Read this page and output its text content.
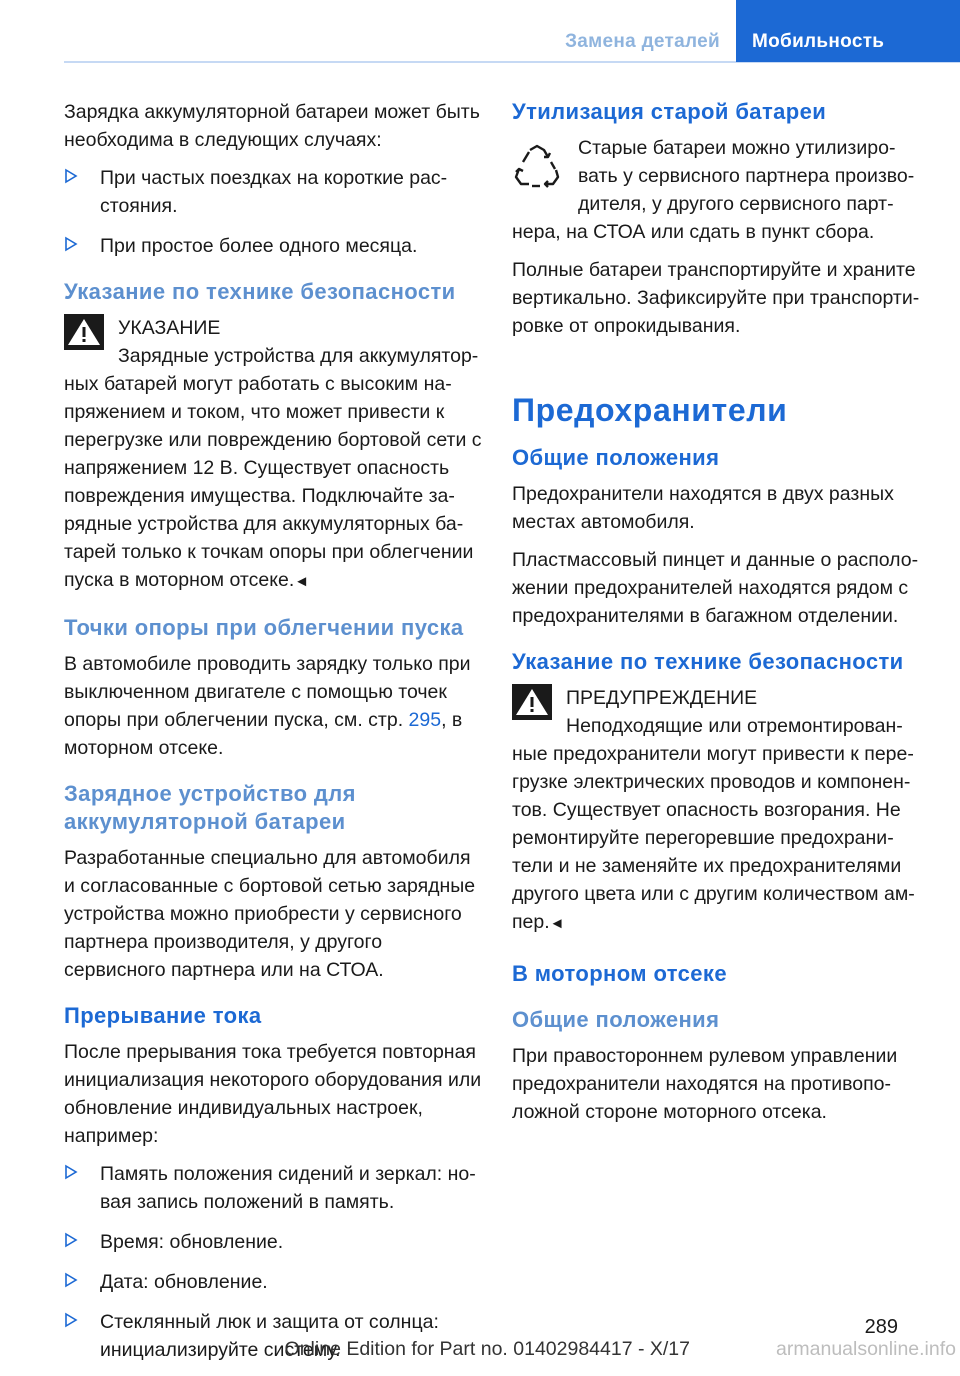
Замена деталей	Мобильность

Зарядка аккумуляторной батареи может быть необходима в следующих случаях:

При частых поездках на короткие расстояния.
При простое более одного месяца.
Указание по технике безопасности

УКАЗАНИЕ

Зарядные устройства для аккумулятор-

ных батарей могут работать с высоким напряжением и током, что может привести к перегрузке или повреждению бортовой сети с напряжением 12 В. Существует опасность повреждения имущества. Подключайте зарядные устройства для аккумуляторных батарей только к точкам опоры при облегчении пуска в моторном отсеке.◄

Точки опоры при облегчении пуска

В автомобиле проводить зарядку только при выключенном двигателе с помощью точек опоры при облегчении пуска, см. стр. 295, в моторном отсеке.

Зарядное устройство для аккумуляторной батареи

Разработанные специально для автомобиля и согласованные с бортовой сетью зарядные устройства можно приобрести у сервисного партнера производителя, у другого сервисного партнера или на СТОА.

Прерывание тока

После прерывания тока требуется повторная инициализация некоторого оборудования или обновление индивидуальных настроек, например:

Память положения сидений и зеркал: новая запись положений в память.
Время: обновление.
Дата: обновление.
Стеклянный люк и защита от солнца: инициализируйте систему.
Утилизация старой батареи

Старые батареи можно утилизировать у сервисного партнера производителя, у другого сервисного парт-

нера, на СТОА или сдать в пункт сбора.

Полные батареи транспортируйте и храните вертикально. Зафиксируйте при транспортировке от опрокидывания.

Предохранители
Общие положения

Предохранители находятся в двух разных местах автомобиля.

Пластмассовый пинцет и данные о расположении предохранителей находятся рядом с предохранителями в багажном отделении.

Указание по технике безопасности

ПРЕДУПРЕЖДЕНИЕ

Неподходящие или отремонтирован-

ные предохранители могут привести к перегрузке электрических проводов и компонентов. Существует опасность возгорания. Не ремонтируйте перегоревшие предохранители и не заменяйте их предохранителями другого цвета или с другим количеством ампер.◄

В моторном отсеке
Общие положения

При правостороннем рулевом управлении предохранители находятся на противоположной стороне моторного отсека.

289
Online Edition for Part no. 01402984417 - X/17	armanualsonline.info
